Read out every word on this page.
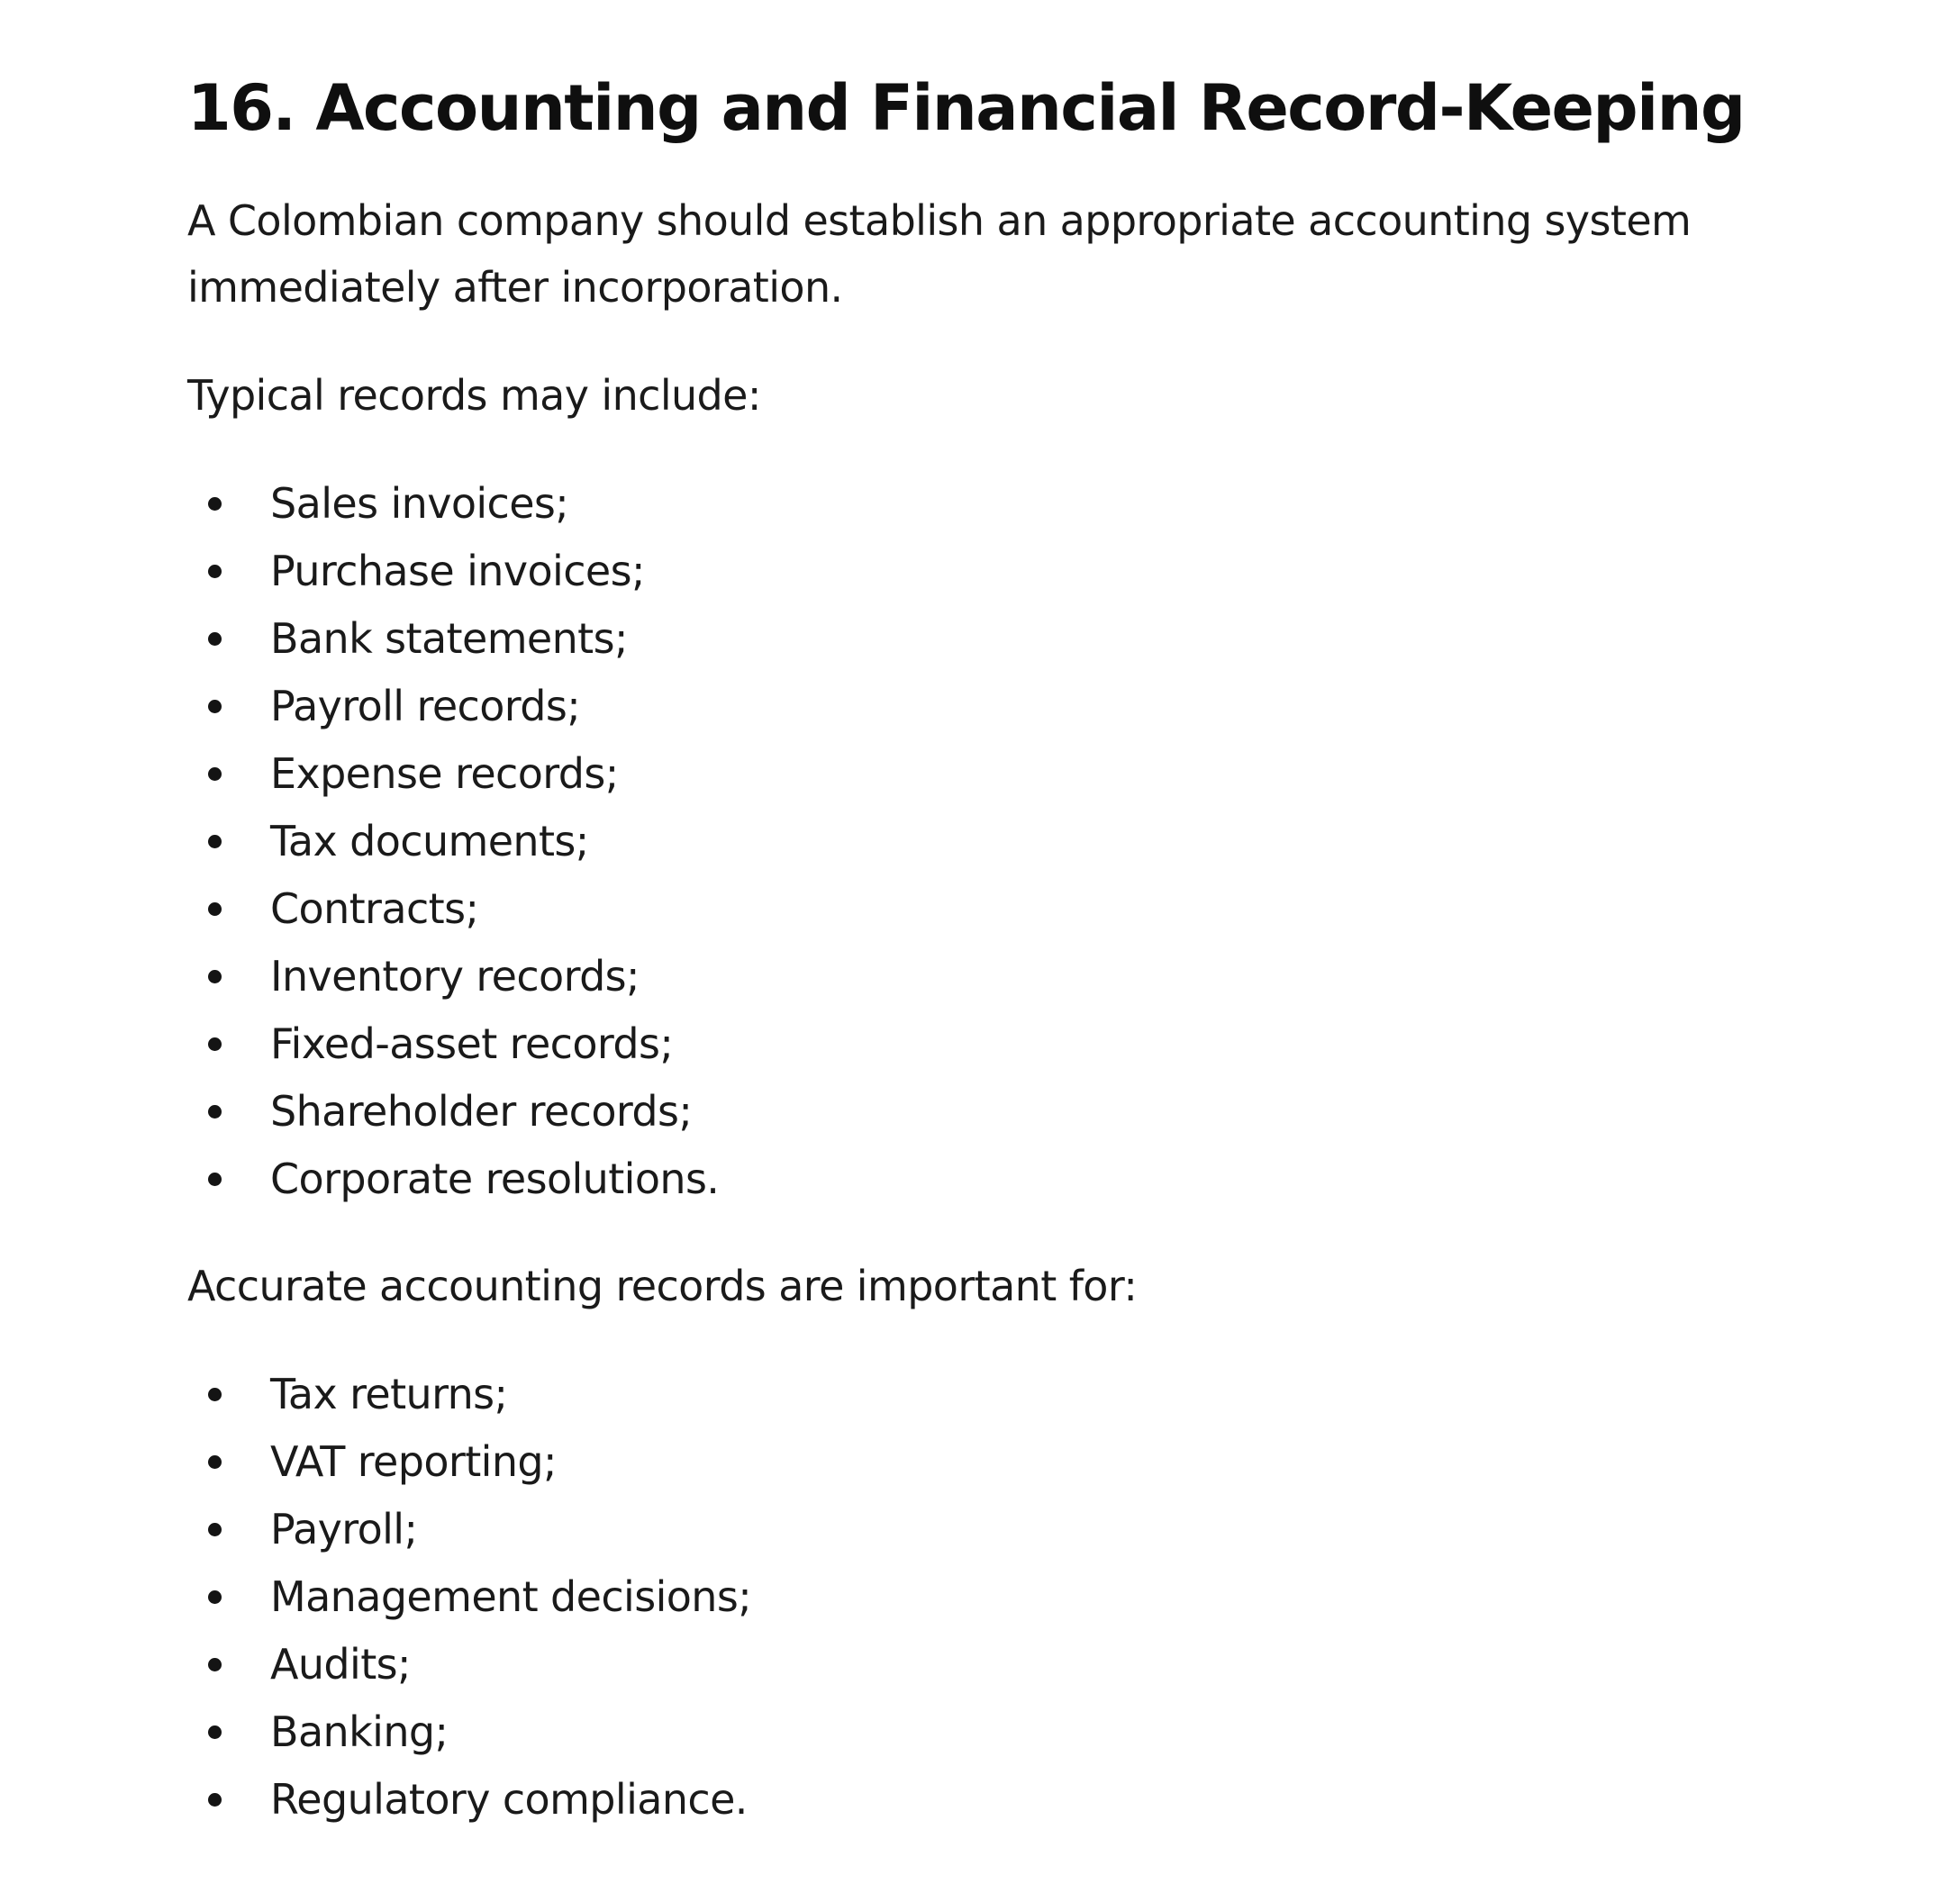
16. Accounting and Financial Record-Keeping

A Colombian company should establish an appropriate accounting system immediately after incorporation.

Typical records may include:

Sales invoices;
Purchase invoices;
Bank statements;
Payroll records;
Expense records;
Tax documents;
Contracts;
Inventory records;
Fixed-asset records;
Shareholder records;
Corporate resolutions.

Accurate accounting records are important for:

Tax returns;
VAT reporting;
Payroll;
Management decisions;
Audits;
Banking;
Regulatory compliance.
